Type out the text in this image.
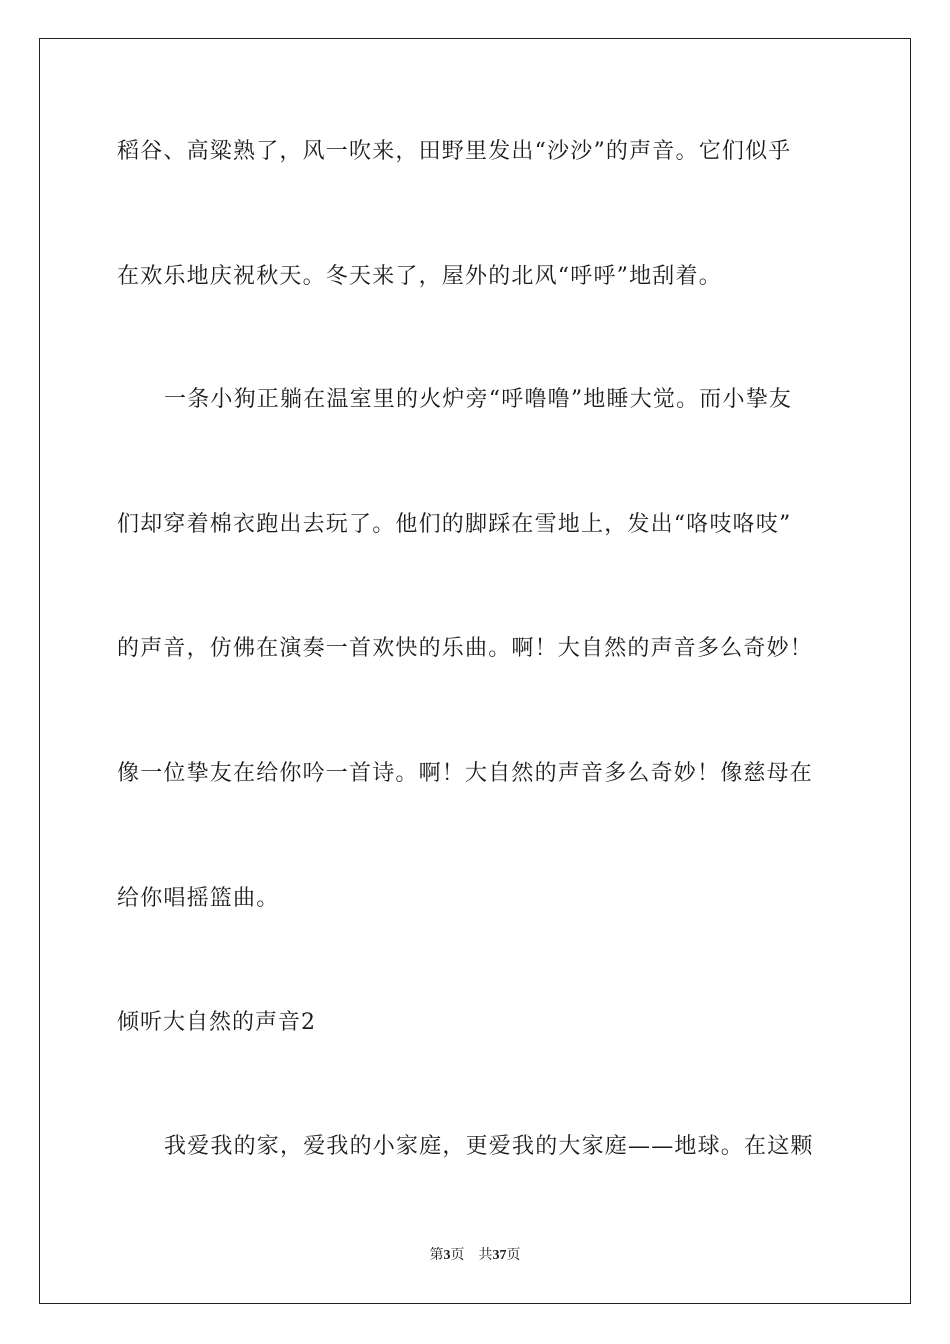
稻谷、高粱熟了，风一吹来，田野里发出“沙沙”的声音。它们似乎
在欢乐地庆祝秋天。冬天来了，屋外的北风“呼呼”地刮着。
一条小狗正躺在温室里的火炉旁“呼噜噜”地睡大觉。而小挚友
们却穿着棉衣跑出去玩了。他们的脚踩在雪地上，发出“咯吱咯吱”
的声音，仿佛在演奏一首欢快的乐曲。啊！大自然的声音多么奇妙！
像一位挚友在给你吟一首诗。啊！大自然的声音多么奇妙！像慈母在
给你唱摇篮曲。
倾听大自然的声音2
我爱我的家，爱我的小家庭，更爱我的大家庭——地球。在这颗
第3页　共37页
